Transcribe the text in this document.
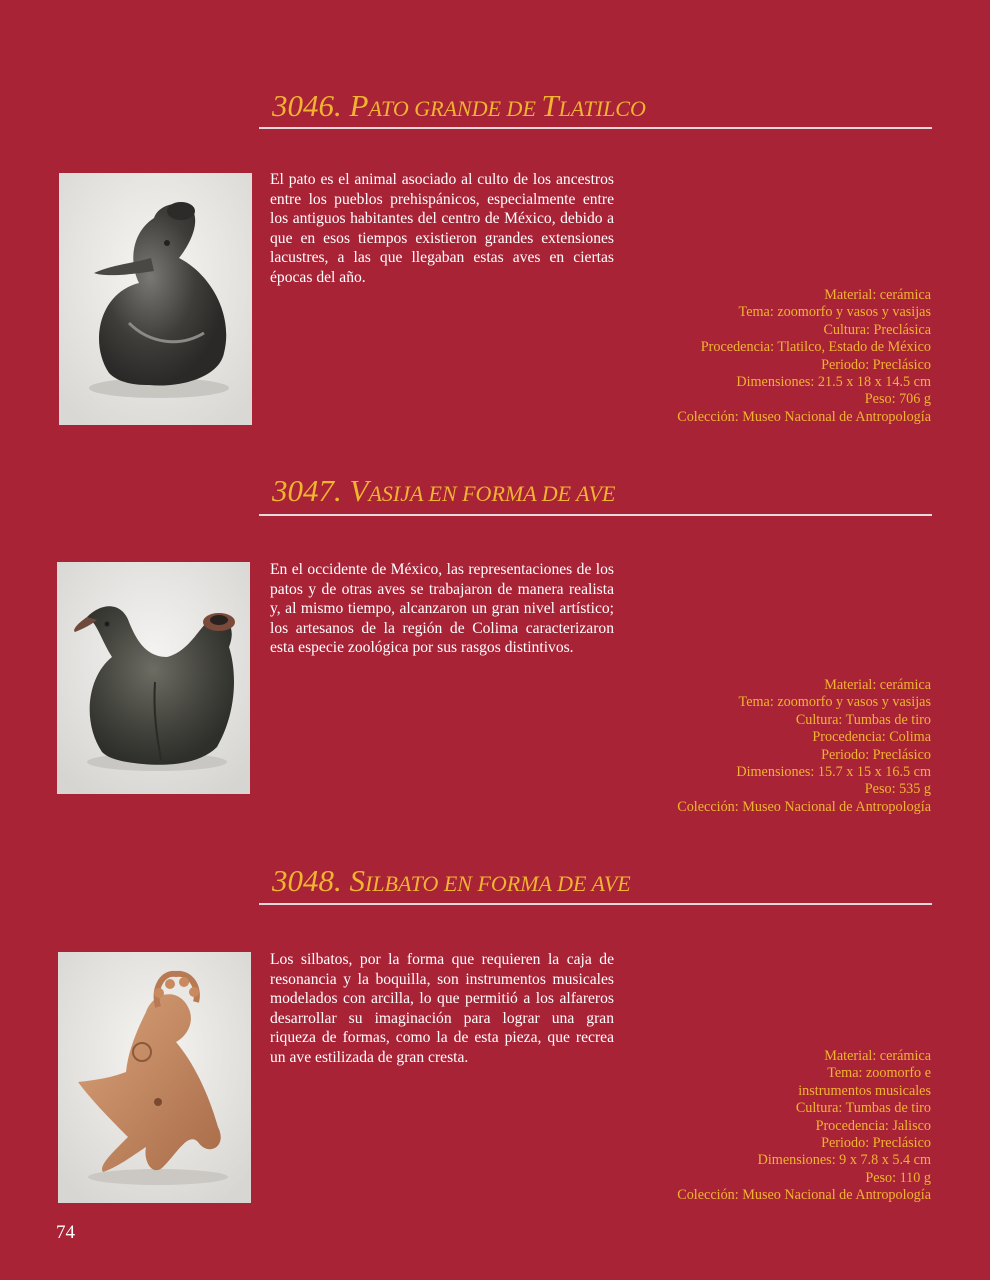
3046. PATO GRANDE DE TLATILCO
El pato es el animal asociado al culto de los ancestros entre los pueblos prehispánicos, especialmente entre los antiguos habitantes del centro de México, debido a que en esos tiempos existieron grandes extensiones lacustres, a las que llegaban estas aves en ciertas épocas del año.
Material: cerámica
Tema: zoomorfo y vasos y vasijas
Cultura: Preclásica
Procedencia: Tlatilco, Estado de México
Periodo: Preclásico
Dimensiones: 21.5 x 18 x 14.5 cm
Peso: 706 g
Colección: Museo Nacional de Antropología
3047. VASIJA EN FORMA DE AVE
En el occidente de México, las representaciones de los patos y de otras aves se trabajaron de manera realista y, al mismo tiempo, alcanzaron un gran nivel artístico; los artesanos de la región de Colima caracterizaron esta especie zoológica por sus rasgos distintivos.
Material: cerámica
Tema: zoomorfo y vasos y vasijas
Cultura: Tumbas de tiro
Procedencia: Colima
Periodo: Preclásico
Dimensiones: 15.7 x 15 x 16.5 cm
Peso: 535 g
Colección: Museo Nacional de Antropología
3048. SILBATO EN FORMA DE AVE
Los silbatos, por la forma que requieren la caja de resonancia y la boquilla, son instrumentos musicales modelados con arcilla, lo que permitió a los alfareros desarrollar su imaginación para lograr una gran riqueza de formas, como la de esta pieza, que recrea un ave estilizada de gran cresta.	Material: cerámica
Tema: zoomorfo e
instrumentos musicales
Cultura: Tumbas de tiro
Procedencia: Jalisco
Periodo: Preclásico
Dimensiones: 9 x 7.8 x 5.4 cm
Peso: 110 g
Colección: Museo Nacional de Antropología
74
